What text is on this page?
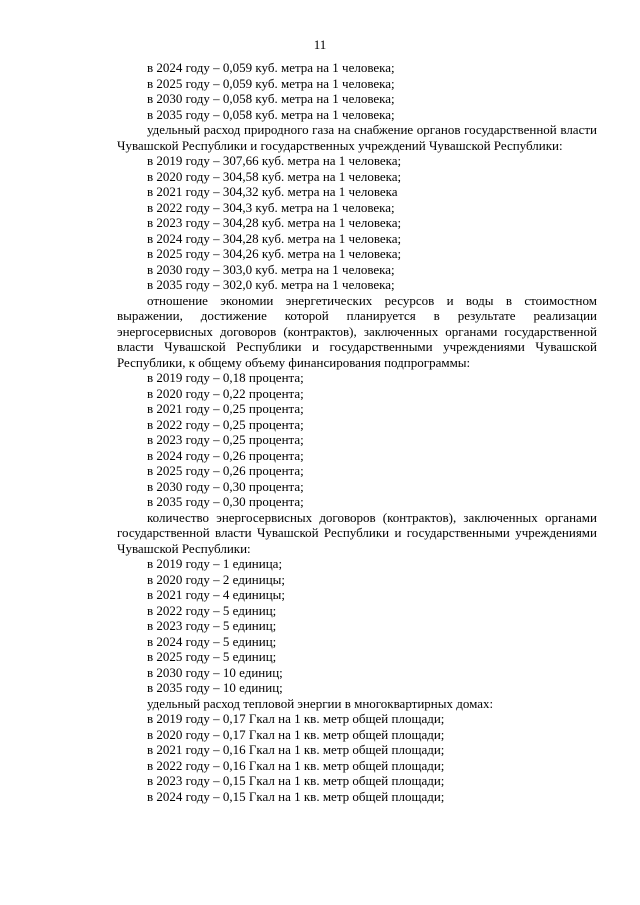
11
в 2024 году – 0,059 куб. метра на 1 человека;
в 2025 году – 0,059 куб. метра на 1 человека;
в 2030 году – 0,058 куб. метра на 1 человека;
в 2035 году – 0,058 куб. метра на 1 человека;
удельный расход природного газа на снабжение органов государственной власти Чувашской Республики и государственных учреждений Чувашской Республики:
в 2019 году – 307,66 куб. метра на 1 человека;
в 2020 году – 304,58 куб. метра на 1 человека;
в 2021 году – 304,32 куб. метра на 1 человека
в 2022 году – 304,3 куб. метра на 1 человека;
в 2023 году – 304,28 куб. метра на 1 человека;
в 2024 году – 304,28 куб. метра на 1 человека;
в 2025 году – 304,26 куб. метра на 1 человека;
в 2030 году – 303,0 куб. метра на 1 человека;
в 2035 году – 302,0 куб. метра на 1 человека;
отношение экономии энергетических ресурсов и воды в стоимостном выражении, достижение которой планируется в результате реализации энергосервисных договоров (контрактов), заключенных органами государственной власти Чувашской Республики и государственными учреждениями Чувашской Республики, к общему объему финансирования подпрограммы:
в 2019 году – 0,18 процента;
в 2020 году – 0,22 процента;
в 2021 году – 0,25 процента;
в 2022 году – 0,25 процента;
в 2023 году – 0,25 процента;
в 2024 году – 0,26 процента;
в 2025 году – 0,26 процента;
в 2030 году – 0,30 процента;
в 2035 году – 0,30 процента;
количество энергосервисных договоров (контрактов), заключенных органами государственной власти Чувашской Республики и государственными учреждениями Чувашской Республики:
в 2019 году – 1 единица;
в 2020 году – 2 единицы;
в 2021 году – 4 единицы;
в 2022 году – 5 единиц;
в 2023 году – 5 единиц;
в 2024 году – 5 единиц;
в 2025 году – 5 единиц;
в 2030 году – 10 единиц;
в 2035 году – 10 единиц;
удельный расход тепловой энергии в многоквартирных домах:
в 2019 году – 0,17 Гкал на 1 кв. метр общей площади;
в 2020 году – 0,17 Гкал на 1 кв. метр общей площади;
в 2021 году – 0,16 Гкал на 1 кв. метр общей площади;
в 2022 году – 0,16 Гкал на 1 кв. метр общей площади;
в 2023 году – 0,15 Гкал на 1 кв. метр общей площади;
в 2024 году – 0,15 Гкал на 1 кв. метр общей площади;
